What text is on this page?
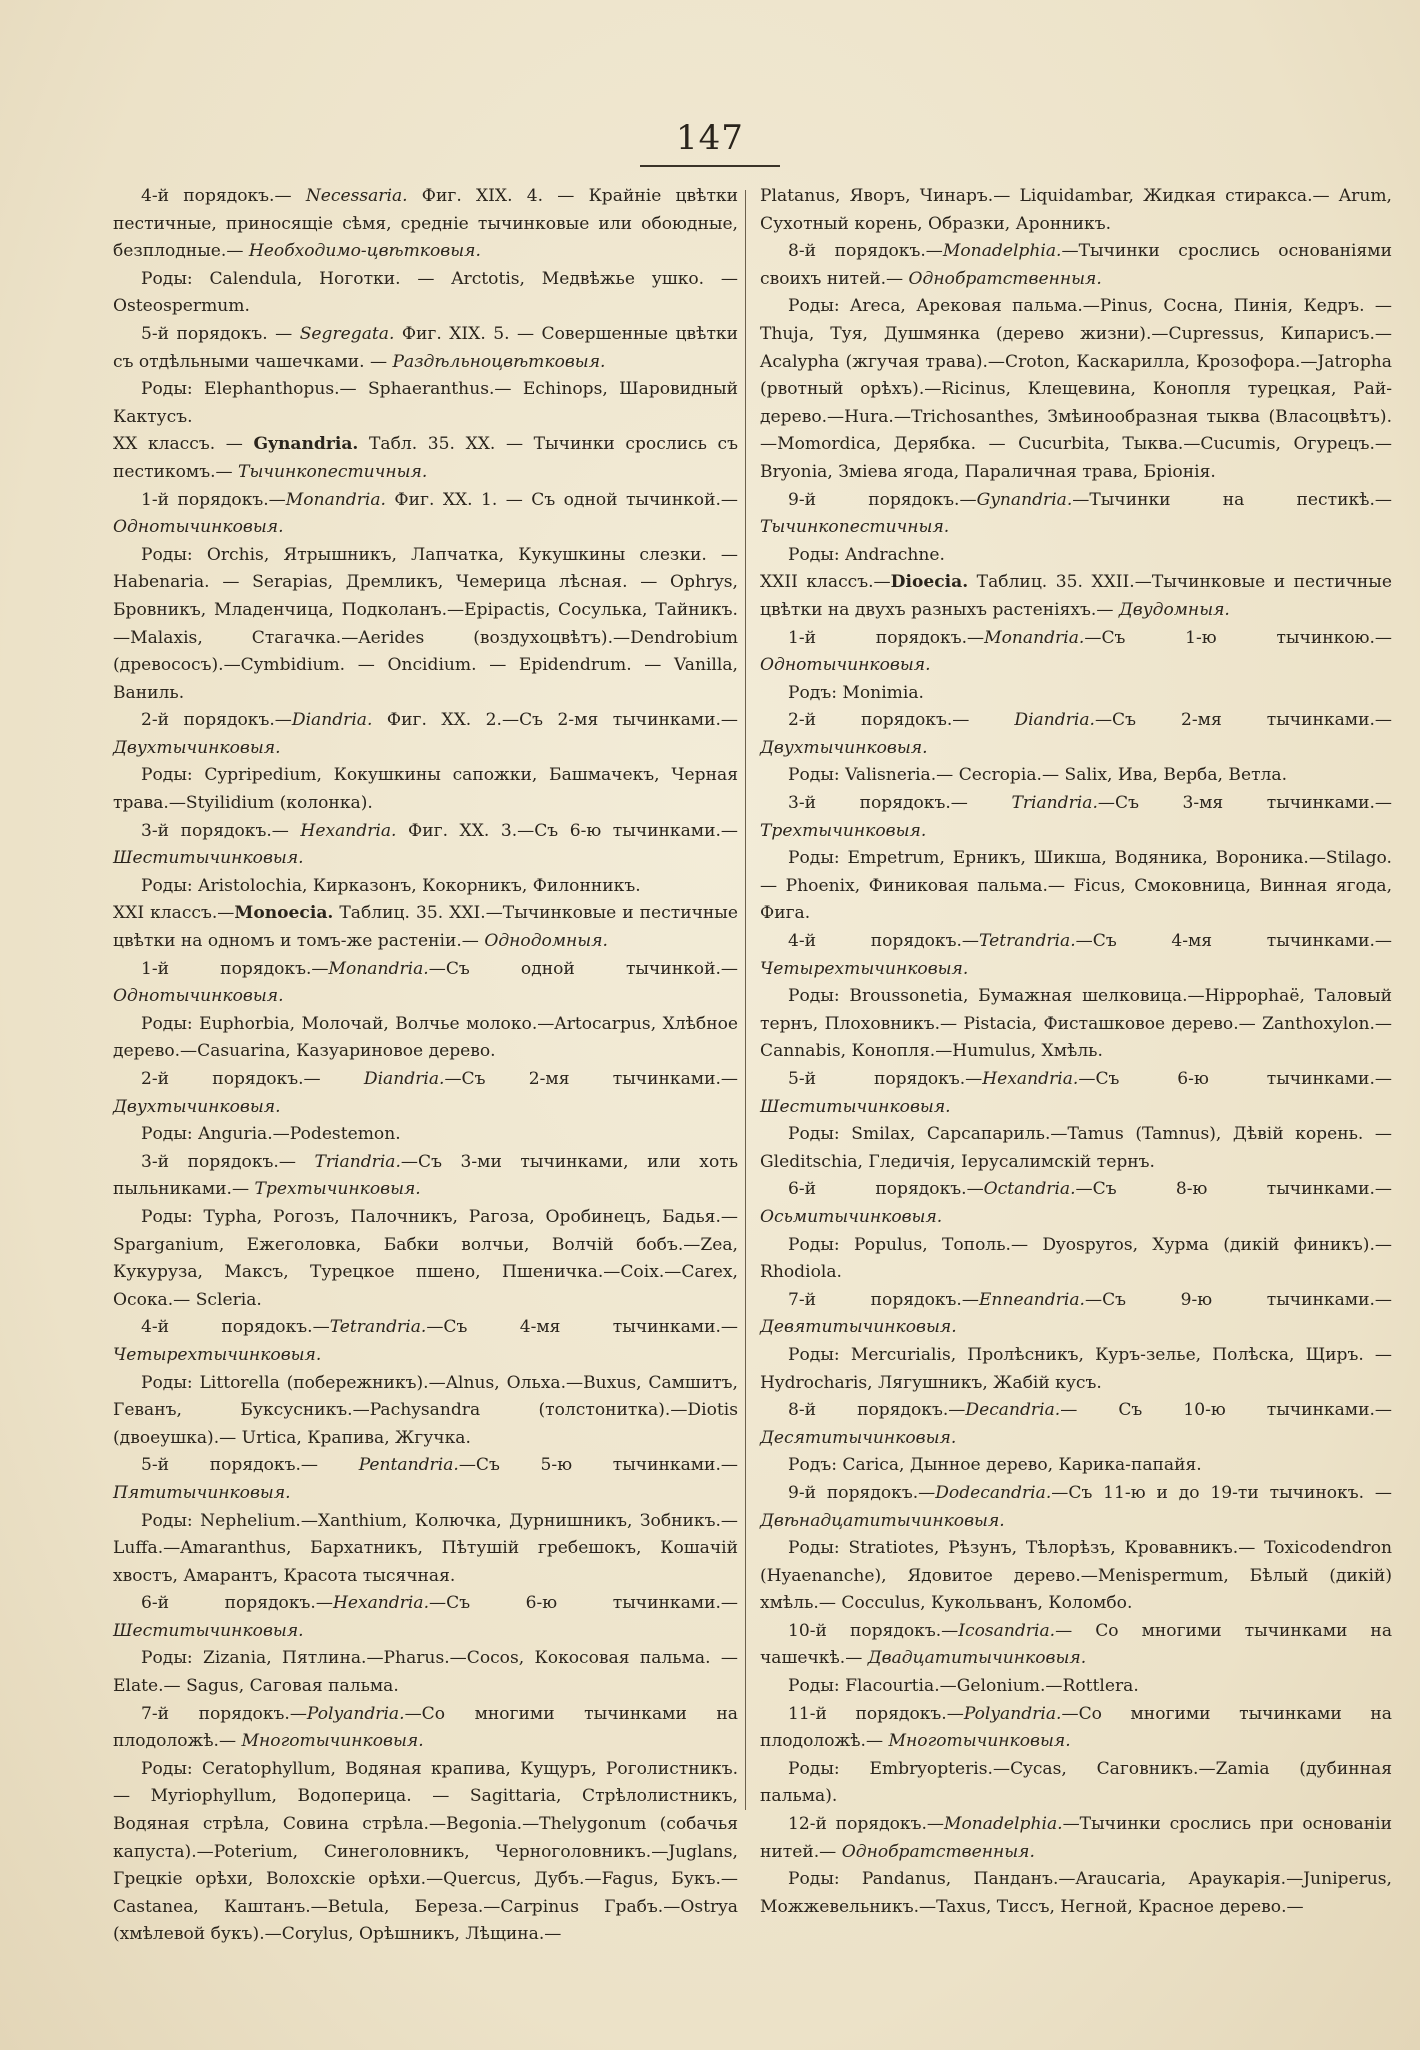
147

4-й порядокъ.— Necessaria. Фиг. XIX. 4. — Крайніе цвѣтки пестичные, приносящіе сѣмя, средніе тычинковые или обоюдные, безплодные.— Необходимо-цвѣтковыя.

Роды: Calendula, Ноготки. — Arctotis, Медвѣжье ушко. — Osteospermum.

5-й порядокъ. — Segregata. Фиг. XIX. 5. — Совершенные цвѣтки съ отдѣльными чашечками. — Раздѣльноцвѣтковыя.

Роды: Elephanthopus.— Sphaeranthus.— Echinops, Шаровидный Кактусъ.

XX классъ. — Gynandria. Табл. 35. XX. — Тычинки срослись съ пестикомъ.— Тычинкопестичныя.

1-й порядокъ.—Monandria. Фиг. XX. 1. — Съ одной тычинкой.— Однотычинковыя.

Роды: Orchis, Ятрышникъ, Лапчатка, Кукушкины слезки. — Habenaria. — Serapias, Дремликъ, Чемерица лѣсная. — Ophrys, Бровникъ, Младенчица, Подколанъ.—Epipactis, Сосулька, Тайникъ.—Malaxis, Стагачка.—Aerides (воздухоцвѣтъ).—Dendrobium (древососъ).—Cymbidium. — Oncidium. — Epidendrum. — Vanilla, Ваниль.

2-й порядокъ.—Diandria. Фиг. XX. 2.—Съ 2-мя тычинками.— Двухтычинковыя.

Роды: Cypripedium, Кокушкины сапожки, Башмачекъ, Черная трава.—Styilidium (колонка).

3-й порядокъ.— Hexandria. Фиг. XX. 3.—Съ 6-ю тычинками.— Шеститычинковыя.

Роды: Aristolochia, Кирказонъ, Кокорникъ, Филонникъ.

XXI классъ.—Monoecia. Таблиц. 35. XXI.—Тычинковые и пестичные цвѣтки на одномъ и томъ-же растеніи.— Однодомныя.

1-й порядокъ.—Monandria.—Съ одной тычинкой.— Однотычинковыя.

Роды: Euphorbia, Молочай, Волчье молоко.—Artocarpus, Хлѣбное дерево.—Casuarina, Казуариновое дерево.

2-й порядокъ.— Diandria.—Съ 2-мя тычинками.— Двухтычинковыя.

Роды: Anguria.—Podestemon.

3-й порядокъ.— Triandria.—Съ 3-ми тычинками, или хоть пыльниками.— Трехтычинковыя.

Роды: Typha, Рогозъ, Палочникъ, Рагоза, Оробинецъ, Бадья.—Sparganium, Ежеголовка, Бабки волчьи, Волчій бобъ.—Zea, Кукуруза, Максъ, Турецкое пшено, Пшеничка.—Coix.—Carex, Осока.— Scleria.

4-й порядокъ.—Tetrandria.—Съ 4-мя тычинками.— Четырехтычинковыя.

Роды: Littorella (побережникъ).—Alnus, Ольха.—Buxus, Самшитъ, Геванъ, Буксусникъ.—Pachysandra (толстонитка).—Diotis (двоеушка).— Urtica, Крапива, Жгучка.

5-й порядокъ.— Pentandria.—Съ 5-ю тычинками.— Пятитычинковыя.

Роды: Nephelium.—Xanthium, Колючка, Дурнишникъ, Зобникъ.—Luffa.—Amaranthus, Бархатникъ, Пѣтушій гребешокъ, Кошачій хвостъ, Амарантъ, Красота тысячная.

6-й порядокъ.—Hexandria.—Съ 6-ю тычинками.— Шеститычинковыя.

Роды: Zizania, Пятлина.—Pharus.—Cocos, Кокосовая пальма. —Elate.— Sagus, Саговая пальма.

7-й порядокъ.—Polyandria.—Со многими тычинками на плодоложѣ.— Многотычинковыя.

Роды: Ceratophyllum, Водяная крапива, Кущуръ, Роголистникъ. — Myriophyllum, Водоперица. — Sagittaria, Стрѣлолистникъ, Водяная стрѣла, Совина стрѣла.—Begonia.—Thelygonum (собачья капуста).—Poterium, Синеголовникъ, Черноголовникъ.—Juglans, Грецкіе орѣхи, Волохскіе орѣхи.—Quercus, Дубъ.—Fagus, Букъ.—Castanea, Каштанъ.—Betula, Береза.—Carpinus Грабъ.—Ostrya (хмѣлевой букъ).—Corylus, Орѣшникъ, Лѣщина.—

Platanus, Яворъ, Чинаръ.— Liquidambar, Жидкая стиракса.— Arum, Сухотный корень, Образки, Аронникъ.

8-й порядокъ.—Monadelphia.—Тычинки срослись основаніями своихъ нитей.— Однобратственныя.

Роды: Areca, Арековая пальма.—Pinus, Сосна, Пинія, Кедръ. —Thuja, Туя, Душмянка (дерево жизни).—Cupressus, Кипарисъ.—Acalypha (жгучая трава).—Croton, Каскарилла, Крозофора.—Jatropha (рвотный орѣхъ).—Ricinus, Клещевина, Конопля турецкая, Рай-дерево.—Hura.—Trichosanthes, Змѣинообразная тыква (Власоцвѣтъ).—Momordica, Дерябка. — Cucurbita, Тыква.—Cucumis, Огурецъ.—Bryonia, Зміева ягода, Параличная трава, Бріонія.

9-й порядокъ.—Gynandria.—Тычинки на пестикѣ.— Тычинкопестичныя.

Роды: Andrachne.

XXII классъ.—Dioecia. Таблиц. 35. XXII.—Тычинковые и пестичные цвѣтки на двухъ разныхъ растеніяхъ.— Двудомныя.

1-й порядокъ.—Monandria.—Съ 1-ю тычинкою.— Однотычинковыя.

Родъ: Monimia.

2-й порядокъ.— Diandria.—Съ 2-мя тычинками.— Двухтычинковыя.

Роды: Valisneria.— Cecropia.— Salix, Ива, Верба, Ветла.

3-й порядокъ.— Triandria.—Съ 3-мя тычинками.— Трехтычинковыя.

Роды: Empetrum, Ерникъ, Шикша, Водяника, Вороника.—Stilago.— Phoenix, Финиковая пальма.— Ficus, Смоковница, Винная ягода, Фига.

4-й порядокъ.—Tetrandria.—Съ 4-мя тычинками.— Четырехтычинковыя.

Роды: Broussonetia, Бумажная шелковица.—Hippophaë, Таловый тернъ, Плоховникъ.— Pistacia, Фисташковое дерево.— Zanthoxylon.—Cannabis, Конопля.—Humulus, Хмѣль.

5-й порядокъ.—Hexandria.—Съ 6-ю тычинками.— Шеститычинковыя.

Роды: Smilax, Сарсапариль.—Tamus (Tamnus), Дѣвій корень. —Gleditschia, Гледичія, Іерусалимскій тернъ.

6-й порядокъ.—Octandria.—Съ 8-ю тычинками.— Осьмитычинковыя.

Роды: Populus, Тополь.— Dyospyros, Хурма (дикій финикъ).— Rhodiola.

7-й порядокъ.—Enneandria.—Съ 9-ю тычинками.— Девятитычинковыя.

Роды: Mercurialis, Пролѣсникъ, Куръ-зелье, Полѣска, Щиръ. —Hydrocharis, Лягушникъ, Жабій кусъ.

8-й порядокъ.—Decandria.— Съ 10-ю тычинками.— Десятитычинковыя.

Родъ: Carica, Дынное дерево, Карика-папайя.

9-й порядокъ.—Dodecandria.—Съ 11-ю и до 19-ти тычинокъ. —Двѣнадцатитычинковыя.

Роды: Stratiotes, Рѣзунъ, Тѣлорѣзъ, Кровавникъ.— Toxicodendron (Hyaenanche), Ядовитое дерево.—Menispermum, Бѣлый (дикій) хмѣль.— Cocculus, Кукольванъ, Коломбо.

10-й порядокъ.—Icosandria.— Со многими тычинками на чашечкѣ.— Двадцатитычинковыя.

Роды: Flacourtia.—Gelonium.—Rottlera.

11-й порядокъ.—Polyandria.—Со многими тычинками на плодоложѣ.— Многотычинковыя.

Роды: Embryopteris.—Cycas, Саговникъ.—Zamia (дубинная пальма).

12-й порядокъ.—Monadelphia.—Тычинки срослись при основаніи нитей.— Однобратственныя.

Роды: Pandanus, Панданъ.—Araucaria, Араукарія.—Juniperus, Можжевельникъ.—Taxus, Тиссъ, Негной, Красное дерево.—
